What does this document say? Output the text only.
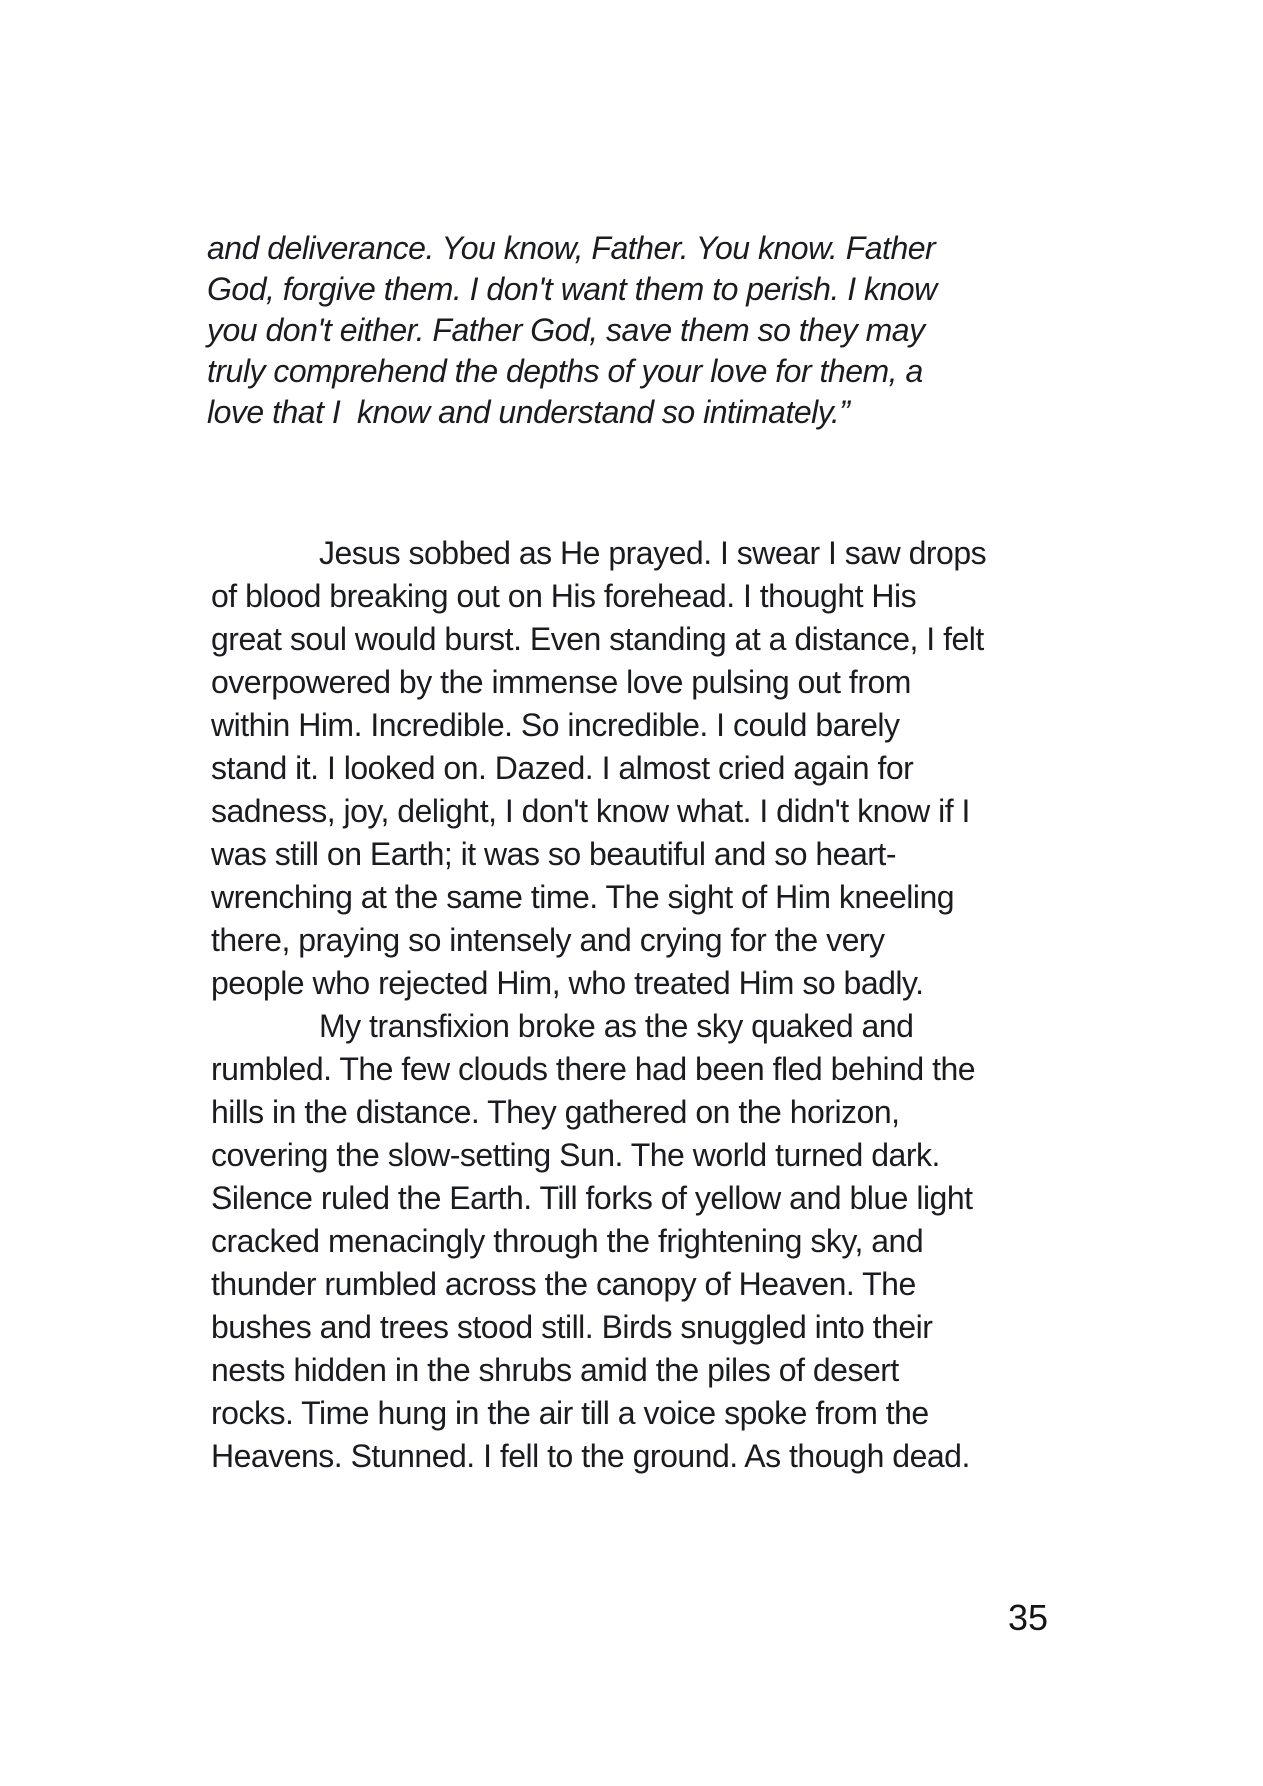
and deliverance. You know, Father. You know. Father
God, forgive them. I don't want them to perish. I know
you don't either. Father God, save them so they may
truly comprehend the depths of your love for them, a
love that I  know and understand so intimately.”
Jesus sobbed as He prayed. I swear I saw drops
of blood breaking out on His forehead. I thought His
great soul would burst. Even standing at a distance, I felt
overpowered by the immense love pulsing out from
within Him. Incredible. So incredible. I could barely
stand it. I looked on. Dazed. I almost cried again for
sadness, joy, delight, I don't know what. I didn't know if I
was still on Earth; it was so beautiful and so heart-
wrenching at the same time. The sight of Him kneeling
there, praying so intensely and crying for the very
people who rejected Him, who treated Him so badly.
My transfixion broke as the sky quaked and
rumbled. The few clouds there had been fled behind the
hills in the distance. They gathered on the horizon,
covering the slow-setting Sun. The world turned dark.
Silence ruled the Earth. Till forks of yellow and blue light
cracked menacingly through the frightening sky, and
thunder rumbled across the canopy of Heaven. The
bushes and trees stood still. Birds snuggled into their
nests hidden in the shrubs amid the piles of desert
rocks. Time hung in the air till a voice spoke from the
Heavens. Stunned. I fell to the ground. As though dead.
35
